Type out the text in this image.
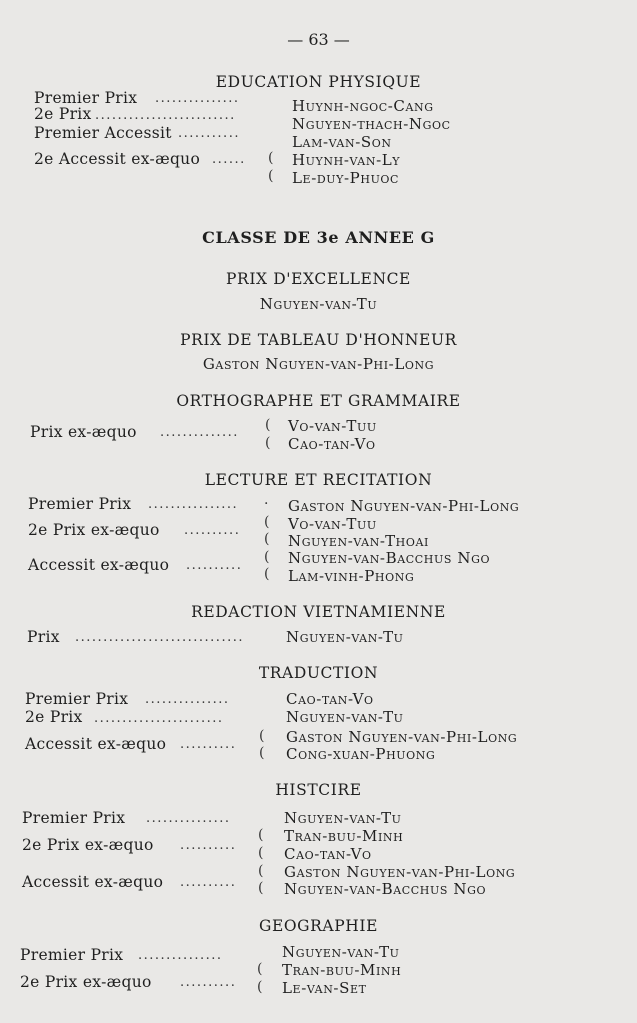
— 63 —
EDUCATION PHYSIQUE
Premier Prix ...............	Huynh-ngoc-Cang
2e Prix .........................	Nguyen-thach-Ngoc
Premier Accessit ...........	Lam-van-Son
2e Accessit ex-æquo ...... ( Huynh-van-Ly
( Le-duy-Phuoc
CLASSE DE 3e ANNEE G
PRIX D'EXCELLENCE
Nguyen-van-Tu
PRIX DE TABLEAU D'HONNEUR
Gaston Nguyen-van-Phi-Long
ORTHOGRAPHE ET GRAMMAIRE
Prix ex-æquo .............. ( Vo-van-Tuu
( Cao-tan-Vo
LECTURE ET RECITATION
Premier Prix ................ · Gaston Nguyen-van-Phi-Long
2e Prix ex-æquo ..........
( Vo-van-Tuu
( Nguyen-van-Thoai
Accessit ex-æquo ..........
( Nguyen-van-Bacchus Ngo
( Lam-vinh-Phong
REDACTION VIETNAMIENNE
Prix ..............................	Nguyen-van-Tu
TRADUCTION
Premier Prix ...............	Cao-tan-Vo
2e Prix .......................	Nguyen-van-Tu
Accessit ex-æquo ..........
( Gaston Nguyen-van-Phi-Long
( Cong-xuan-Phuong
HISTCIRE
Premier Prix ...............	Nguyen-van-Tu
2e Prix ex-æquo ..........
( Tran-buu-Minh
( Cao-tan-Vo
Accessit ex-æquo ..........
( Gaston Nguyen-van-Phi-Long
( Nguyen-van-Bacchus Ngo
GEOGRAPHIE
Premier Prix ...............	Nguyen-van-Tu
2e Prix ex-æquo ..........
( Tran-buu-Minh
( Le-van-Set
